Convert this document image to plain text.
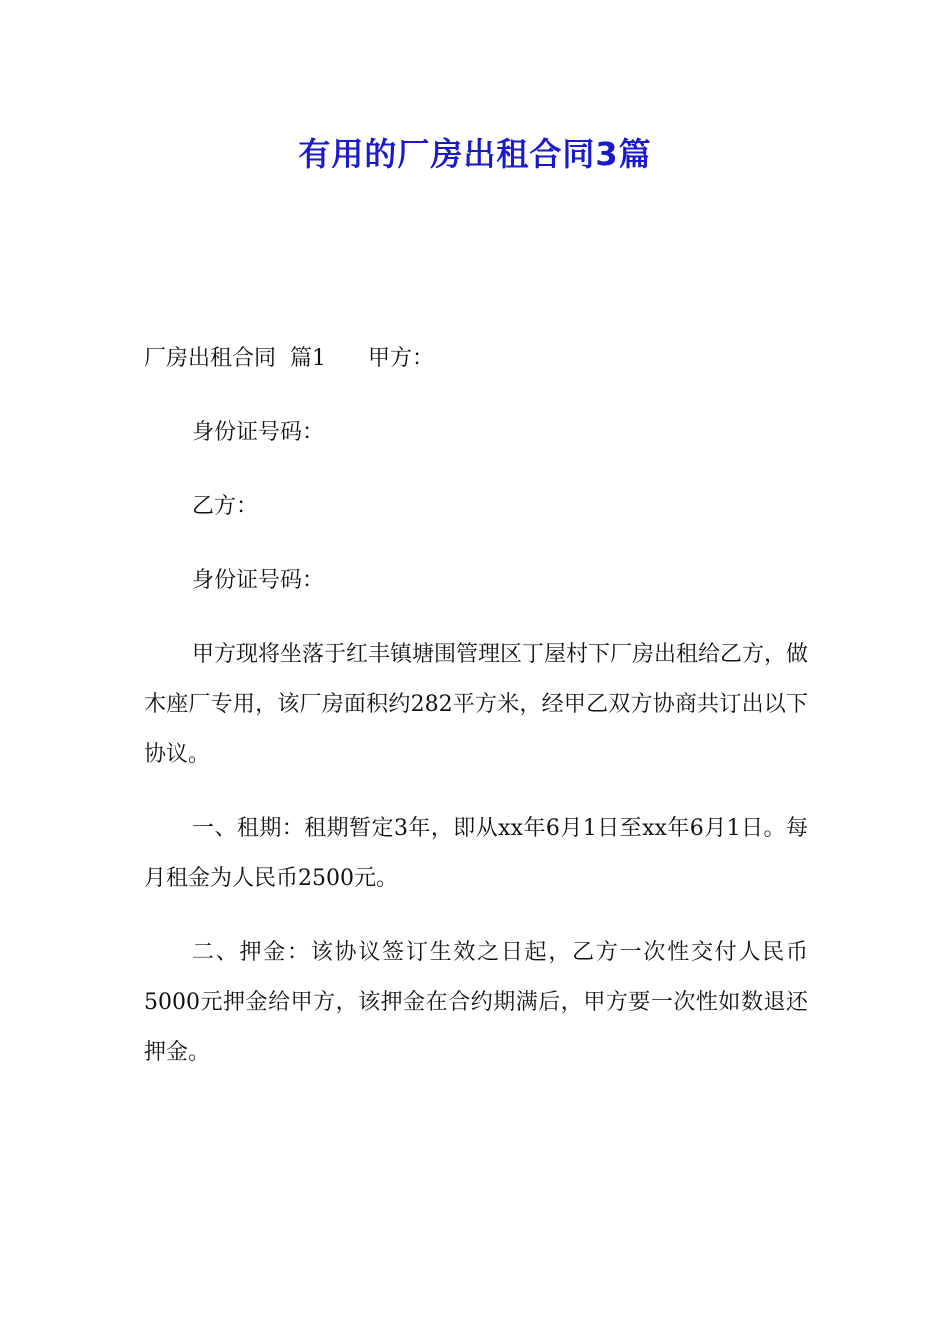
有用的厂房出租合同3篇

厂房出租合同  篇1      甲方：

身份证号码：

乙方：

身份证号码：

甲方现将坐落于红丰镇塘围管理区丁屋村下厂房出租给乙方，做木座厂专用，该厂房面积约282平方米，经甲乙双方协商共订出以下协议。

一、租期：租期暂定3年，即从xx年6月1日至xx年6月1日。每月租金为人民币2500元。

二、押金：该协议签订生效之日起，乙方一次性交付人民币5000元押金给甲方，该押金在合约期满后，甲方要一次性如数退还押金。
